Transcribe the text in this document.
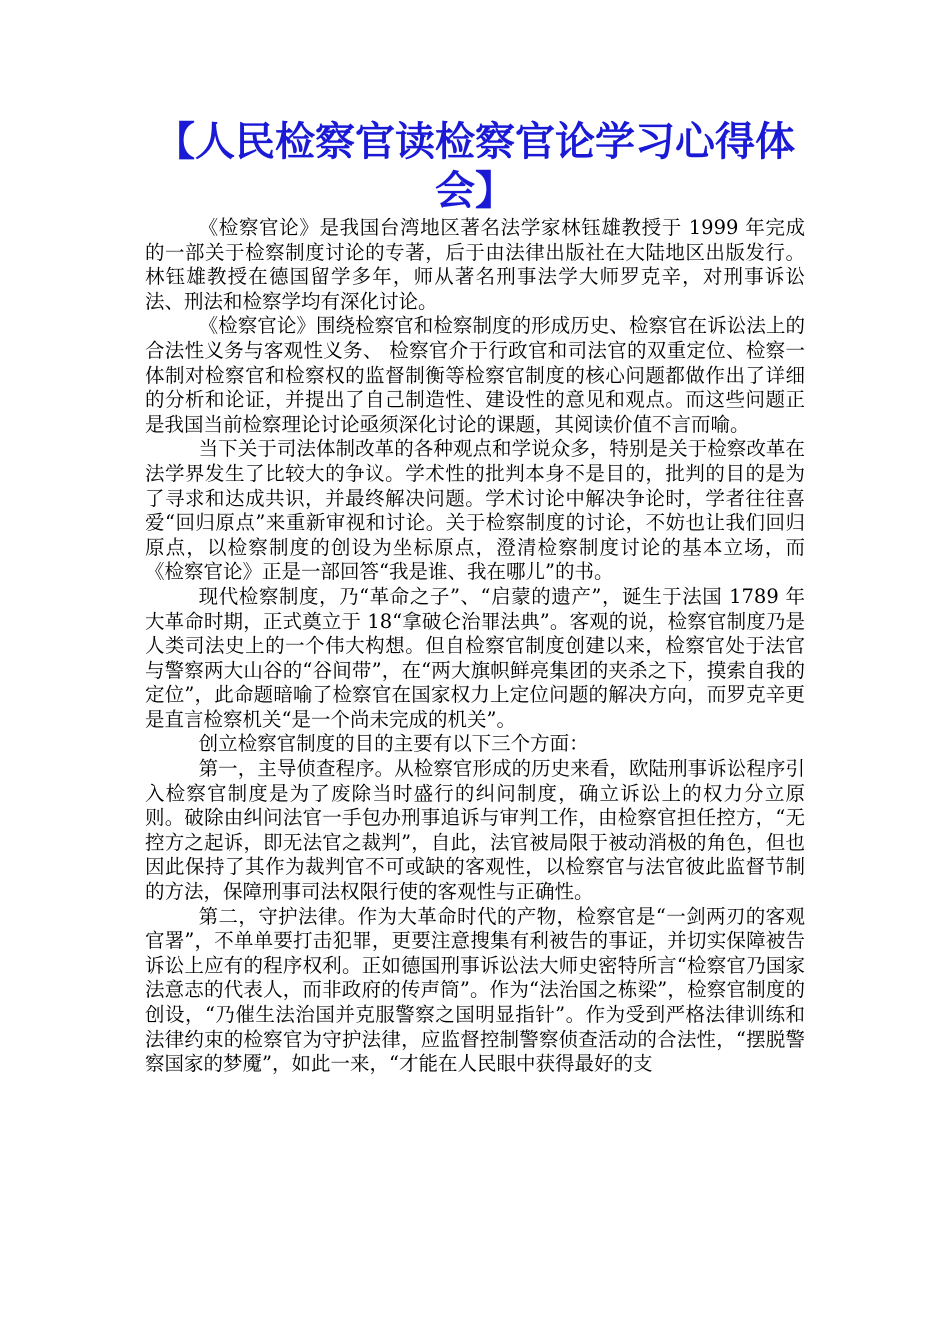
【人民检察官读检察官论学习心得体会】

《检察官论》是我国台湾地区著名法学家林钰雄教授于 1999 年完成的一部关于检察制度讨论的专著，后于由法律出版社在大陆地区出版发行。林钰雄教授在德国留学多年，师从著名刑事法学大师罗克辛，对刑事诉讼法、刑法和检察学均有深化讨论。

《检察官论》围绕检察官和检察制度的形成历史、检察官在诉讼法上的合法性义务与客观性义务、 检察官介于行政官和司法官的双重定位、检察一体制对检察官和检察权的监督制衡等检察官制度的核心问题都做作出了详细的分析和论证，并提出了自己制造性、建设性的意见和观点。而这些问题正是我国当前检察理论讨论亟须深化讨论的课题，其阅读价值不言而喻。

当下关于司法体制改革的各种观点和学说众多，特别是关于检察改革在法学界发生了比较大的争议。学术性的批判本身不是目的，批判的目的是为了寻求和达成共识，并最终解决问题。学术讨论中解决争论时，学者往往喜爱“回归原点”来重新审视和讨论。关于检察制度的讨论，不妨也让我们回归原点，以检察制度的创设为坐标原点，澄清检察制度讨论的基本立场，而《检察官论》正是一部回答“我是谁、我在哪儿”的书。

现代检察制度，乃“革命之子”、“启蒙的遗产”，诞生于法国 1789 年大革命时期，正式奠立于 18“拿破仑治罪法典”。客观的说，检察官制度乃是人类司法史上的一个伟大构想。但自检察官制度创建以来，检察官处于法官与警察两大山谷的“谷间带”，在“两大旗帜鲜亮集团的夹杀之下，摸索自我的定位”，此命题暗喻了检察官在国家权力上定位问题的解决方向，而罗克辛更是直言检察机关“是一个尚未完成的机关”。

创立检察官制度的目的主要有以下三个方面：

第一，主导侦查程序。从检察官形成的历史来看，欧陆刑事诉讼程序引入检察官制度是为了废除当时盛行的纠问制度，确立诉讼上的权力分立原则。破除由纠问法官一手包办刑事追诉与审判工作，由检察官担任控方，“无控方之起诉，即无法官之裁判”，自此，法官被局限于被动消极的角色，但也因此保持了其作为裁判官不可或缺的客观性，以检察官与法官彼此监督节制的方法，保障刑事司法权限行使的客观性与正确性。

第二，守护法律。作为大革命时代的产物，检察官是“一剑两刃的客观官署”，不单单要打击犯罪，更要注意搜集有利被告的事证，并切实保障被告诉讼上应有的程序权利。正如德国刑事诉讼法大师史密特所言“检察官乃国家法意志的代表人，而非政府的传声筒”。作为“法治国之栋梁”，检察官制度的创设，“乃催生法治国并克服警察之国明显指针”。作为受到严格法律训练和法律约束的检察官为守护法律，应监督控制警察侦查活动的合法性，“摆脱警察国家的梦魇”，如此一来，“才能在人民眼中获得最好的支
